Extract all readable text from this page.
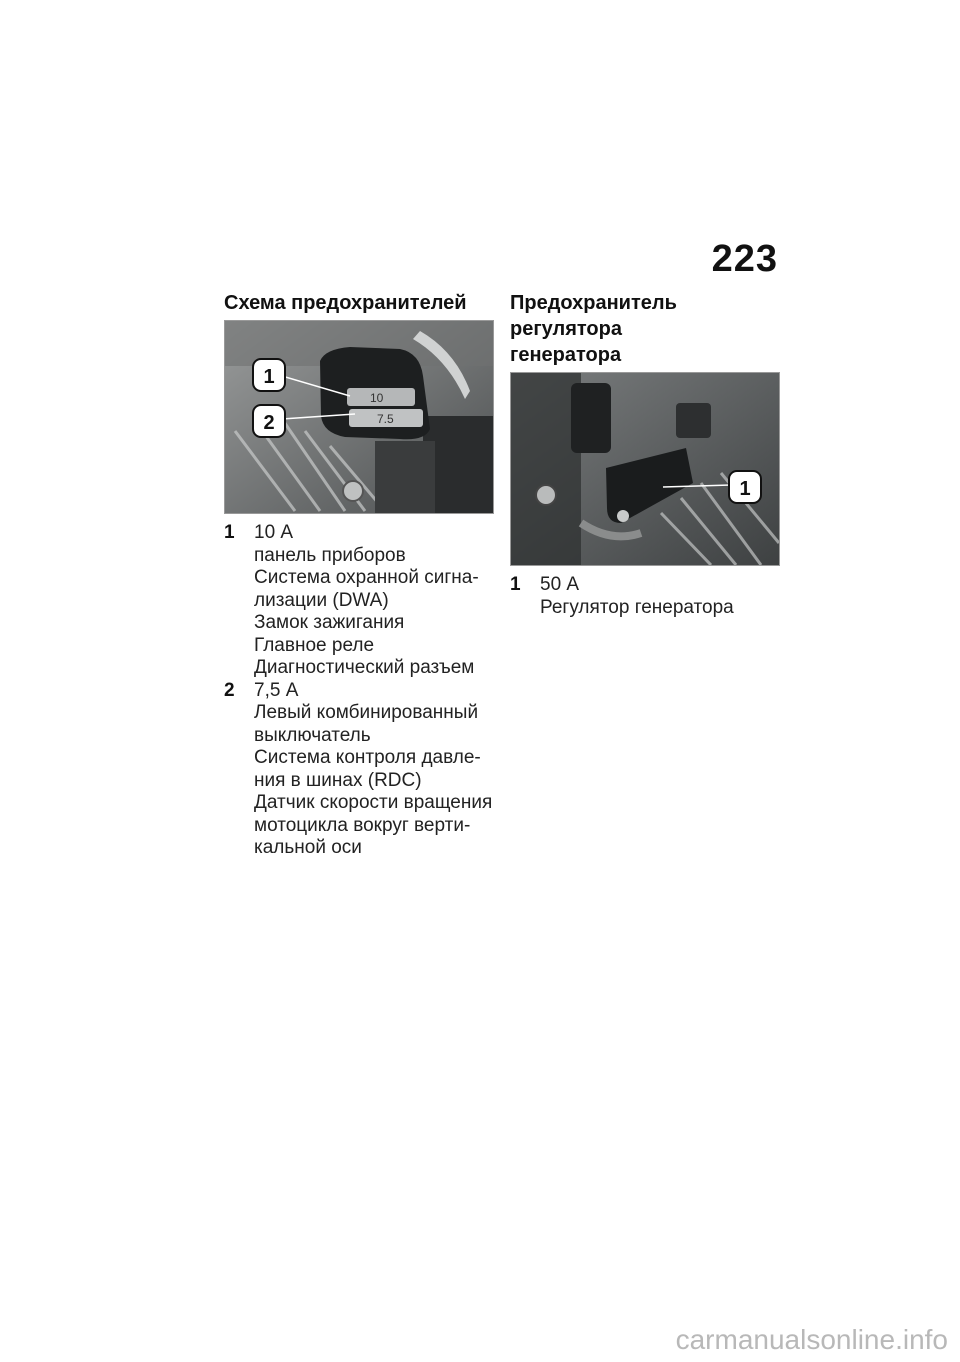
223
Схема предохранителей
10
7.5
1
2
1	10 А
панель приборов
Система охранной сигна-
лизации (DWA)
Замок зажигания
Главное реле
Диагностический разъем
2	7,5 А
Левый комбинированный
выключатель
Система контроля давле-
ния в шинах (RDC)
Датчик скорости вращения
мотоцикла вокруг верти-
кальной оси
Предохранитель регулятора
генератора
1
1	50 А
Регулятор генератора
carmanualsonline.info
